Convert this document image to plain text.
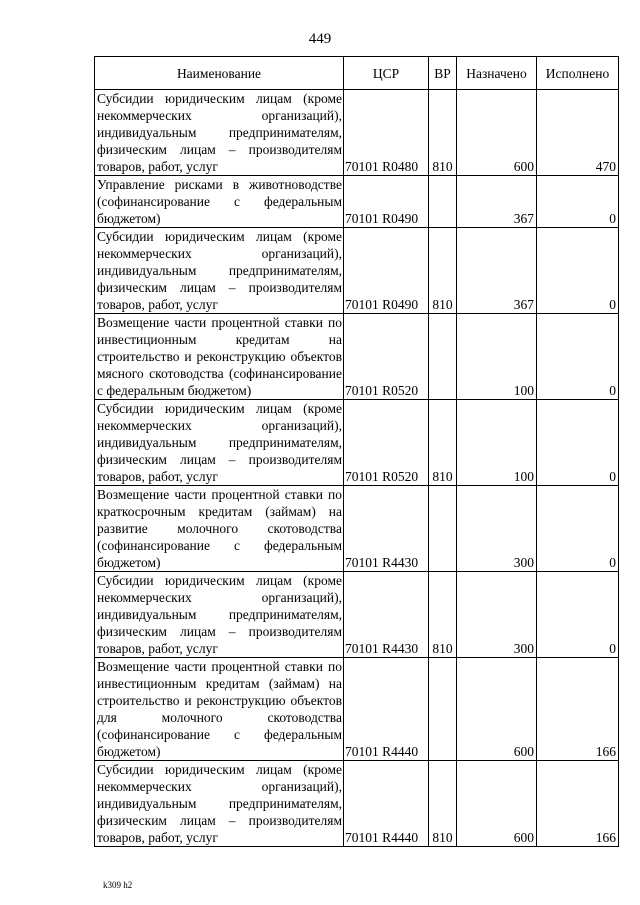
449
Наименование	ЦСР	ВР	Назначено	Исполнено
Субсидии юридическим лицам (кроме некоммерческих организаций), индивидуальным предпринимателям, физическим лицам – производителям товаров, работ, услуг	70101 R0480	810	600	470
Управление рисками в животноводстве (софинансирование с федеральным бюджетом)	70101 R0490		367	0
Субсидии юридическим лицам (кроме некоммерческих организаций), индивидуальным предпринимателям, физическим лицам – производителям товаров, работ, услуг	70101 R0490	810	367	0
Возмещение части процентной ставки по инвестиционным кредитам на строительство и реконструкцию объектов мясного скотоводства (софинансирование с федеральным бюджетом)	70101 R0520		100	0
Субсидии юридическим лицам (кроме некоммерческих организаций), индивидуальным предпринимателям, физическим лицам – производителям товаров, работ, услуг	70101 R0520	810	100	0
Возмещение части процентной ставки по краткосрочным кредитам (займам) на развитие молочного скотоводства (софинансирование с федеральным бюджетом)	70101 R4430		300	0
Субсидии юридическим лицам (кроме некоммерческих организаций), индивидуальным предпринимателям, физическим лицам – производителям товаров, работ, услуг	70101 R4430	810	300	0
Возмещение части процентной ставки по инвестиционным кредитам (займам) на строительство и реконструкцию объектов для молочного скотоводства (софинансирование с федеральным бюджетом)	70101 R4440		600	166
Субсидии юридическим лицам (кроме некоммерческих организаций), индивидуальным предпринимателям, физическим лицам – производителям товаров, работ, услуг	70101 R4440	810	600	166
k309 h2
